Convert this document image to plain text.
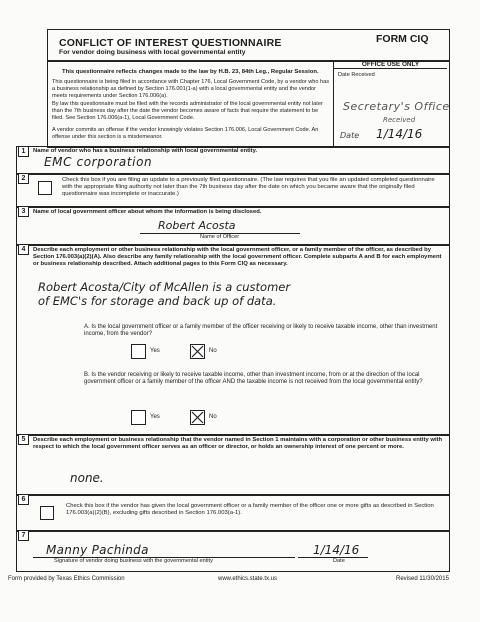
CONFLICT OF INTEREST QUESTIONNAIRE
For vendor doing business with local governmental entity
FORM CIQ
This questionnaire reflects changes made to the law by H.B. 23, 84th Leg., Regular Session.
This questionnaire is being filed in accordance with Chapter 176, Local Government Code, by a vendor who has a business relationship as defined by Section 176.001(1-a) with a local governmental entity and the vendor meets requirements under Section 176.006(a).
By law this questionnaire must be filed with the records administrator of the local governmental entity not later than the 7th business day after the date the vendor becomes aware of facts that require the statement to be filed. See Section 176.006(a-1), Local Government Code.
A vendor commits an offense if the vendor knowingly violates Section 176.006, Local Government Code. An offense under this section is a misdemeanor.
OFFICE USE ONLY
Date Received
Secretary's Office
Received
Date 1/14/16
1	Name of vendor who has a business relationship with local governmental entity.
EMC corporation
2	Check this box if you are filing an update to a previously filed questionnaire. (The law requires that you file an updated completed questionnaire with the appropriate filing authority not later than the 7th business day after the date on which you became aware that the originally filed questionnaire was incomplete or inaccurate.)
3	Name of local government officer about whom the information is being disclosed.
Robert Acosta
Name of Officer
4	Describe each employment or other business relationship with the local government officer, or a family member of the officer, as described by Section 176.003(a)(2)(A). Also describe any family relationship with the local government officer. Complete subparts A and B for each employment or business relationship described. Attach additional pages to this Form CIQ as necessary.
Robert Acosta/City of McAllen is a customer
of EMC's for storage and back up of data.
A. Is the local government officer or a family member of the officer receiving or likely to receive taxable income, other than investment income, from the vendor?
Yes	No
B. Is the vendor receiving or likely to receive taxable income, other than investment income, from or at the direction of the local government officer or a family member of the officer AND the taxable income is not received from the local governmental entity?
Yes	No
5	Describe each employment or business relationship that the vendor named in Section 1 maintains with a corporation or other business entity with respect to which the local government officer serves as an officer or director, or holds an ownership interest of one percent or more.
none.
6
Check this box if the vendor has given the local government officer or a family member of the officer one or more gifts as described in Section 176.003(a)(2)(B), excluding gifts described in Section 176.003(a-1).
7
Manny Pachinda	1/14/16
Signature of vendor doing business with the governmental entity	Date
Form provided by Texas Ethics Commission	www.ethics.state.tx.us	Revised 11/30/2015
